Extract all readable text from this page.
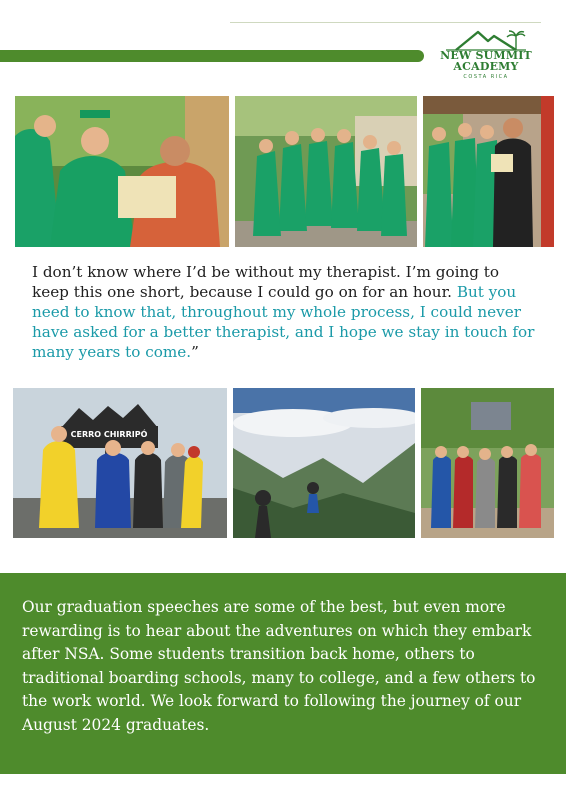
NEW SUMMIT
ACADEMY
COSTA RICA

I don’t know where I’d be without my therapist. I’m going to keep this one short, because I could go on for an hour. But you need to know that, throughout my whole process, I could never have asked for a better therapist, and I hope we stay in touch for many years to come.”

CERRO CHIRRIPÓ

Our graduation speeches are some of the best, but even more rewarding is to hear about the adventures on which they embark after NSA. Some students transition back home, others to traditional boarding schools, many to college, and a few others to the work world. We look forward to following the journey of our August 2024 graduates.
